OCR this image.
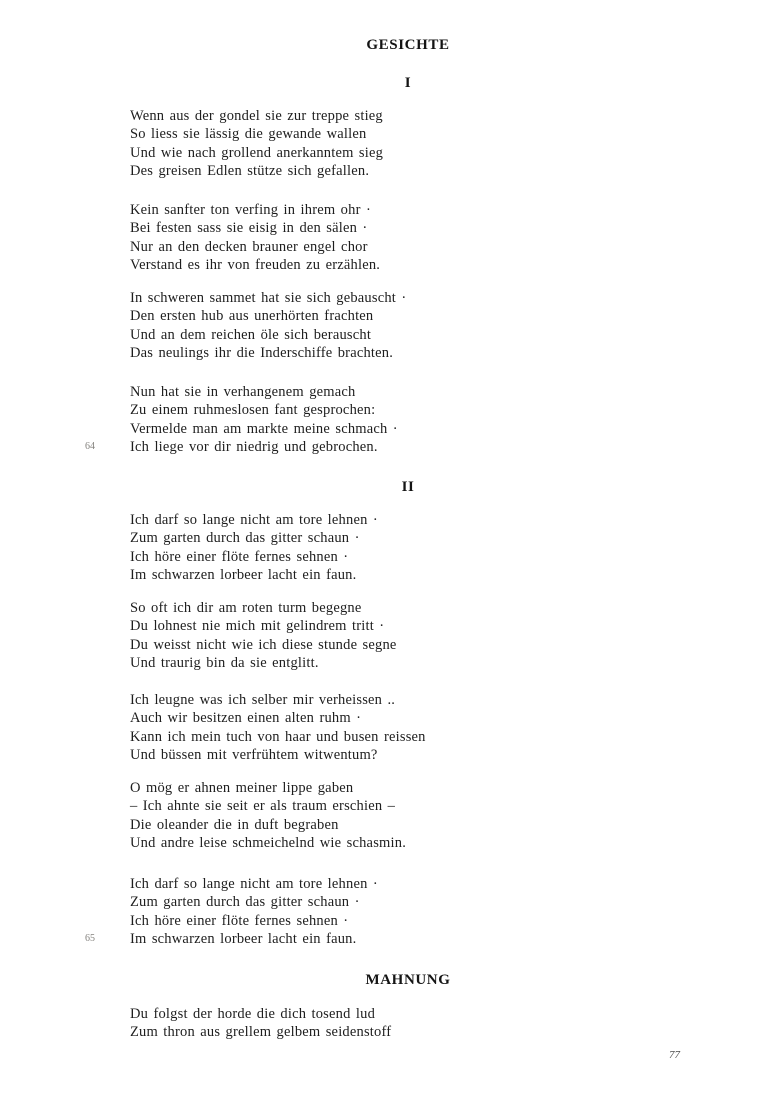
GESICHTE
I
Wenn aus der gondel sie zur treppe stieg
So liess sie lässig die gewande wallen
Und wie nach grollend anerkanntem sieg
Des greisen Edlen stütze sich gefallen.
Kein sanfter ton verfing in ihrem ohr ·
Bei festen sass sie eisig in den sälen ·
Nur an den decken brauner engel chor
Verstand es ihr von freuden zu erzählen.
In schweren sammet hat sie sich gebauscht ·
Den ersten hub aus unerhörten frachten
Und an dem reichen öle sich berauscht
Das neulings ihr die Inderschiffe brachten.
Nun hat sie in verhangenem gemach
Zu einem ruhmeslosen fant gesprochen:
Vermelde man am markte meine schmach ·
Ich liege vor dir niedrig und gebrochen.
64
II
Ich darf so lange nicht am tore lehnen ·
Zum garten durch das gitter schaun ·
Ich höre einer flöte fernes sehnen ·
Im schwarzen lorbeer lacht ein faun.
So oft ich dir am roten turm begegne
Du lohnest nie mich mit gelindrem tritt ·
Du weisst nicht wie ich diese stunde segne
Und traurig bin da sie entglitt.
Ich leugne was ich selber mir verheissen ..
Auch wir besitzen einen alten ruhm ·
Kann ich mein tuch von haar und busen reissen
Und büssen mit verfrühtem witwentum?
O mög er ahnen meiner lippe gaben
– Ich ahnte sie seit er als traum erschien –
Die oleander die in duft begraben
Und andre leise schmeichelnd wie schasmin.
Ich darf so lange nicht am tore lehnen ·
Zum garten durch das gitter schaun ·
Ich höre einer flöte fernes sehnen ·
Im schwarzen lorbeer lacht ein faun.
65
MAHNUNG
Du folgst der horde die dich tosend lud
Zum thron aus grellem gelbem seidenstoff
77
